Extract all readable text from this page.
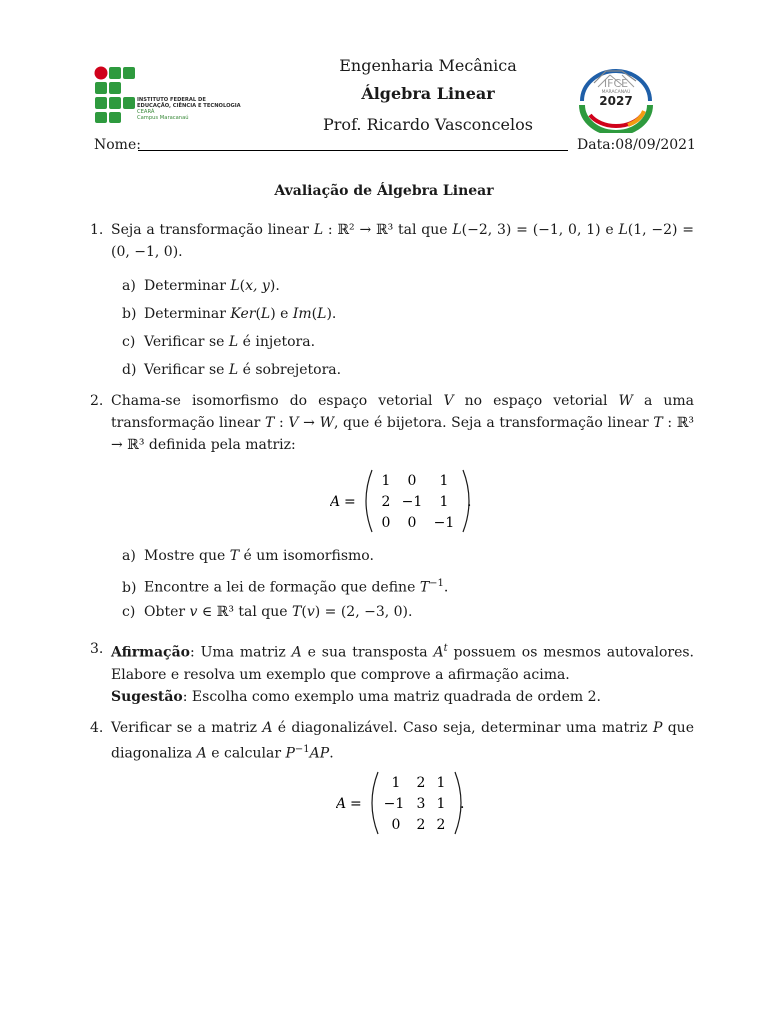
INSTITUTO FEDERAL DE
EDUCAÇÃO, CIÊNCIA E TECNOLOGIA
CEARÁ
Campus Maracanaú
IFCE
MARACANAÚ
2027
Engenharia Mecânica
Álgebra Linear
Prof. Ricardo Vasconcelos
Nome:	Data:08/09/2021
Avaliação de Álgebra Linear
1. Seja a transformação linear L : ℝ² → ℝ³ tal que L(−2, 3) = (−1, 0, 1) e L(1, −2) = (0, −1, 0).
a) Determinar L(x, y).
b) Determinar Ker(L) e Im(L).
c) Verificar se L é injetora.
d) Verificar se L é sobrejetora.
2. Chama-se isomorfismo do espaço vetorial V no espaço vetorial W a uma transformação linear T : V → W, que é bijetora. Seja a transformação linear T : ℝ³ → ℝ³ definida pela matriz:
A =
1 0 1
2 −1 1
0 0 −1
.
a) Mostre que T é um isomorfismo.
b) Encontre a lei de formação que define $T^{-1}$.
c) Obter v ∈ ℝ³ tal que T(v) = (2, −3, 0).
3. Afirmação: Uma matriz A e sua transposta $A^t$ possuem os mesmos autovalores. Elabore e resolva um exemplo que comprove a afirmação acima.
Sugestão: Escolha como exemplo uma matriz quadrada de ordem 2.
4. Verificar se a matriz A é diagonalizável. Caso seja, determinar uma matriz P que diagonaliza A e calcular $P^{-1}AP$.
A =
1 2 1
−1 3 1
0 2 2
.
